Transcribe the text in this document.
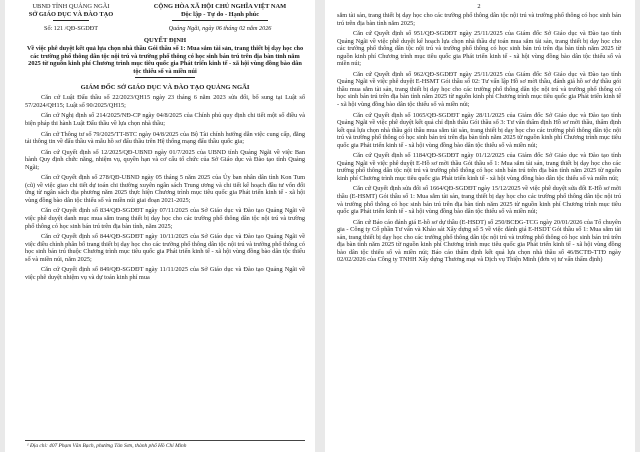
UBND TỈNH QUẢNG NGÃI
SỞ GIÁO DỤC VÀ ĐÀO TẠO
CỘNG HÒA XÃ HỘI CHỦ NGHĨA VIỆT NAM
Độc lập - Tự do - Hạnh phúc
Số: 121 /QĐ-SGDĐT	Quảng Ngãi, ngày 06 tháng 02 năm 2026
QUYẾT ĐỊNH
Về việc phê duyệt kết quả lựa chọn nhà thầu Gói thầu số 1: Mua sắm tài sản, trang thiết bị dạy học cho các trường phổ thông dân tộc nội trú và trường phổ thông có học sinh bán trú trên địa bàn tỉnh năm 2025 từ nguồn kinh phí Chương trình mục tiêu quốc gia Phát triển kinh tế - xã hội vùng đồng bào dân tộc thiểu số và miền núi
GIÁM ĐỐC SỞ GIÁO DỤC VÀ ĐÀO TẠO QUẢNG NGÃI

Căn cứ Luật Đấu thầu số 22/2023/QH15 ngày 23 tháng 6 năm 2023 sửa đổi, bổ sung tại Luật số 57/2024/QH15; Luật số 90/2025/QH15;

Căn cứ Nghị định số 214/2025/NĐ-CP ngày 04/8/2025 của Chính phủ quy định chi tiết một số điều và biện pháp thi hành Luật Đấu thầu về lựa chọn nhà thầu;

Căn cứ Thông tư số 79/2025/TT-BTC ngày 04/8/2025 của Bộ Tài chính hướng dẫn việc cung cấp, đăng tải thông tin về đấu thầu và mẫu hồ sơ đấu thầu trên Hệ thống mạng đấu thầu quốc gia;

Căn cứ Quyết định số 12/2025/QĐ-UBND ngày 01/7/2025 của UBND tỉnh Quảng Ngãi về việc Ban hành Quy định chức năng, nhiệm vụ, quyền hạn và cơ cấu tổ chức của Sở Giáo dục và Đào tạo tỉnh Quảng Ngãi;

Căn cứ Quyết định số 278/QĐ-UBND ngày 05 tháng 5 năm 2025 của Ủy ban nhân dân tỉnh Kon Tum (cũ) về việc giao chi tiết dự toán chi thường xuyên ngân sách Trung ương và chi tiết kế hoạch đầu tư vốn đối ứng từ ngân sách địa phương năm 2025 thực hiện Chương trình mục tiêu quốc gia Phát triển kinh tế - xã hội vùng đồng bào dân tộc thiểu số và miền núi giai đoạn 2021-2025;

Căn cứ Quyết định số 834/QĐ-SGDĐT ngày 07/11/2025 của Sở Giáo dục và Đào tạo Quảng Ngãi về việc phê duyệt danh mục mua sắm trang thiết bị dạy học cho các trường phổ thông dân tộc nội trú và trường phổ thông có học sinh bán trú trên địa bàn tỉnh, năm 2025;

Căn cứ Quyết định số 844/QĐ-SGDĐT ngày 10/11/2025 của Sở Giáo dục và Đào tạo Quảng Ngãi về việc điều chỉnh phân bổ trang thiết bị dạy học cho các trường phổ thông dân tộc nội trú và trường phổ thông có học sinh bán trú thuộc Chương trình mục tiêu quốc gia Phát triển kinh tế - xã hội vùng đồng bào dân tộc thiểu số và miền núi, năm 2025;

Căn cứ Quyết định số 849/QĐ-SGDĐT ngày 11/11/2025 của Sở Giáo dục và Đào tạo Quảng Ngãi về việc phê duyệt nhiệm vụ và dự toán kinh phí mua

¹ Địa chỉ: 407 Phạm Văn Bạch, phường Tân Sơn, thành phố Hồ Chí Minh
2

sắm tài sản, trang thiết bị dạy học cho các trường phổ thông dân tộc nội trú và trường phổ thông có học sinh bán trú trên địa bàn tỉnh năm 2025;

Căn cứ Quyết định số 951/QĐ-SGDĐT ngày 25/11/2025 của Giám đốc Sở Giáo dục và Đào tạo tỉnh Quảng Ngãi về việc phê duyệt kế hoạch lựa chọn nhà thầu dự toán mua sắm tài sản, trang thiết bị dạy học cho các trường phổ thông dân tộc nội trú và trường phổ thông có học sinh bán trú trên địa bàn tỉnh năm 2025 từ nguồn kinh phí Chương trình mục tiêu quốc gia Phát triển kinh tế - xã hội vùng đồng bào dân tộc thiểu số và miền núi;

Căn cứ Quyết định số 962/QĐ-SGDĐT ngày 25/11/2025 của Giám đốc Sở Giáo dục và Đào tạo tỉnh Quảng Ngãi về việc phê duyệt E-HSMT Gói thầu số 02: Tư vấn lập Hồ sơ mời thầu, đánh giá hồ sơ dự thầu gói thầu mua sắm tài sản, trang thiết bị dạy học cho các trường phổ thông dân tộc nội trú và trường phổ thông có học sinh bán trú trên địa bàn tỉnh năm 2025 từ nguồn kinh phí Chương trình mục tiêu quốc gia Phát triển kinh tế - xã hội vùng đồng bào dân tộc thiểu số và miền núi;

Căn cứ Quyết định số 1065/QĐ-SGDĐT ngày 28/11/2025 của Giám đốc Sở Giáo dục và Đào tạo tỉnh Quảng Ngãi về việc phê duyệt kết quả chỉ định thầu Gói thầu số 3: Tư vấn thẩm định Hồ sơ mời thầu, thẩm định kết quả lựa chọn nhà thầu gói thầu mua sắm tài sản, trang thiết bị dạy học cho các trường phổ thông dân tộc nội trú và trường phổ thông có học sinh bán trú trên địa bàn tỉnh năm 2025 từ nguồn kinh phí Chương trình mục tiêu quốc gia Phát triển kinh tế - xã hội vùng đồng bào dân tộc thiểu số và miền núi;

Căn cứ Quyết định số 1184/QĐ-SGDĐT ngày 01/12/2025 của Giám đốc Sở Giáo dục và Đào tạo tỉnh Quảng Ngãi về việc phê duyệt E-Hồ sơ mời thầu Gói thầu số 1: Mua sắm tài sản, trang thiết bị dạy học cho các trường phổ thông dân tộc nội trú và trường phổ thông có học sinh bán trú trên địa bàn tỉnh năm 2025 từ nguồn kinh phí Chương trình mục tiêu quốc gia Phát triển kinh tế - xã hội vùng đồng bào dân tộc thiểu số và miền núi;

Căn cứ Quyết định sửa đổi số 1664/QĐ-SGDĐT ngày 15/12/2025 về việc phê duyệt sửa đổi E-Hồ sơ mời thầu (E-HSMT) Gói thầu số 1: Mua sắm tài sản, trang thiết bị dạy học cho các trường phổ thông dân tộc nội trú và trường phổ thông có học sinh bán trú trên địa bàn tỉnh năm 2025 từ nguồn kinh phí Chương trình mục tiêu quốc gia Phát triển kinh tế - xã hội vùng đồng bào dân tộc thiểu số và miền núi;

Căn cứ Báo cáo đánh giá E-hồ sơ dự thầu (E-HSDT) số 250/BCĐG-TCG ngày 20/01/2026 của Tổ chuyên gia - Công ty Cổ phần Tư vấn và Khảo sát Xây dựng số 5 về việc đánh giá E-HSDT Gói thầu số 1: Mua sắm tài sản, trang thiết bị dạy học cho các trường phổ thông dân tộc nội trú và trường phổ thông có học sinh bán trú trên địa bàn tỉnh năm 2025 từ nguồn kinh phí Chương trình mục tiêu quốc gia Phát triển kinh tế - xã hội vùng đồng bào dân tộc thiểu số và miền núi; Báo cáo thẩm định kết quả lựa chọn nhà thầu số 46/BCTĐ-TTĐ ngày 02/02/2026 của Công ty TNHH Xây dựng Thương mại và Dịch vụ Thiện Minh (đơn vị tư vấn thẩm định)
